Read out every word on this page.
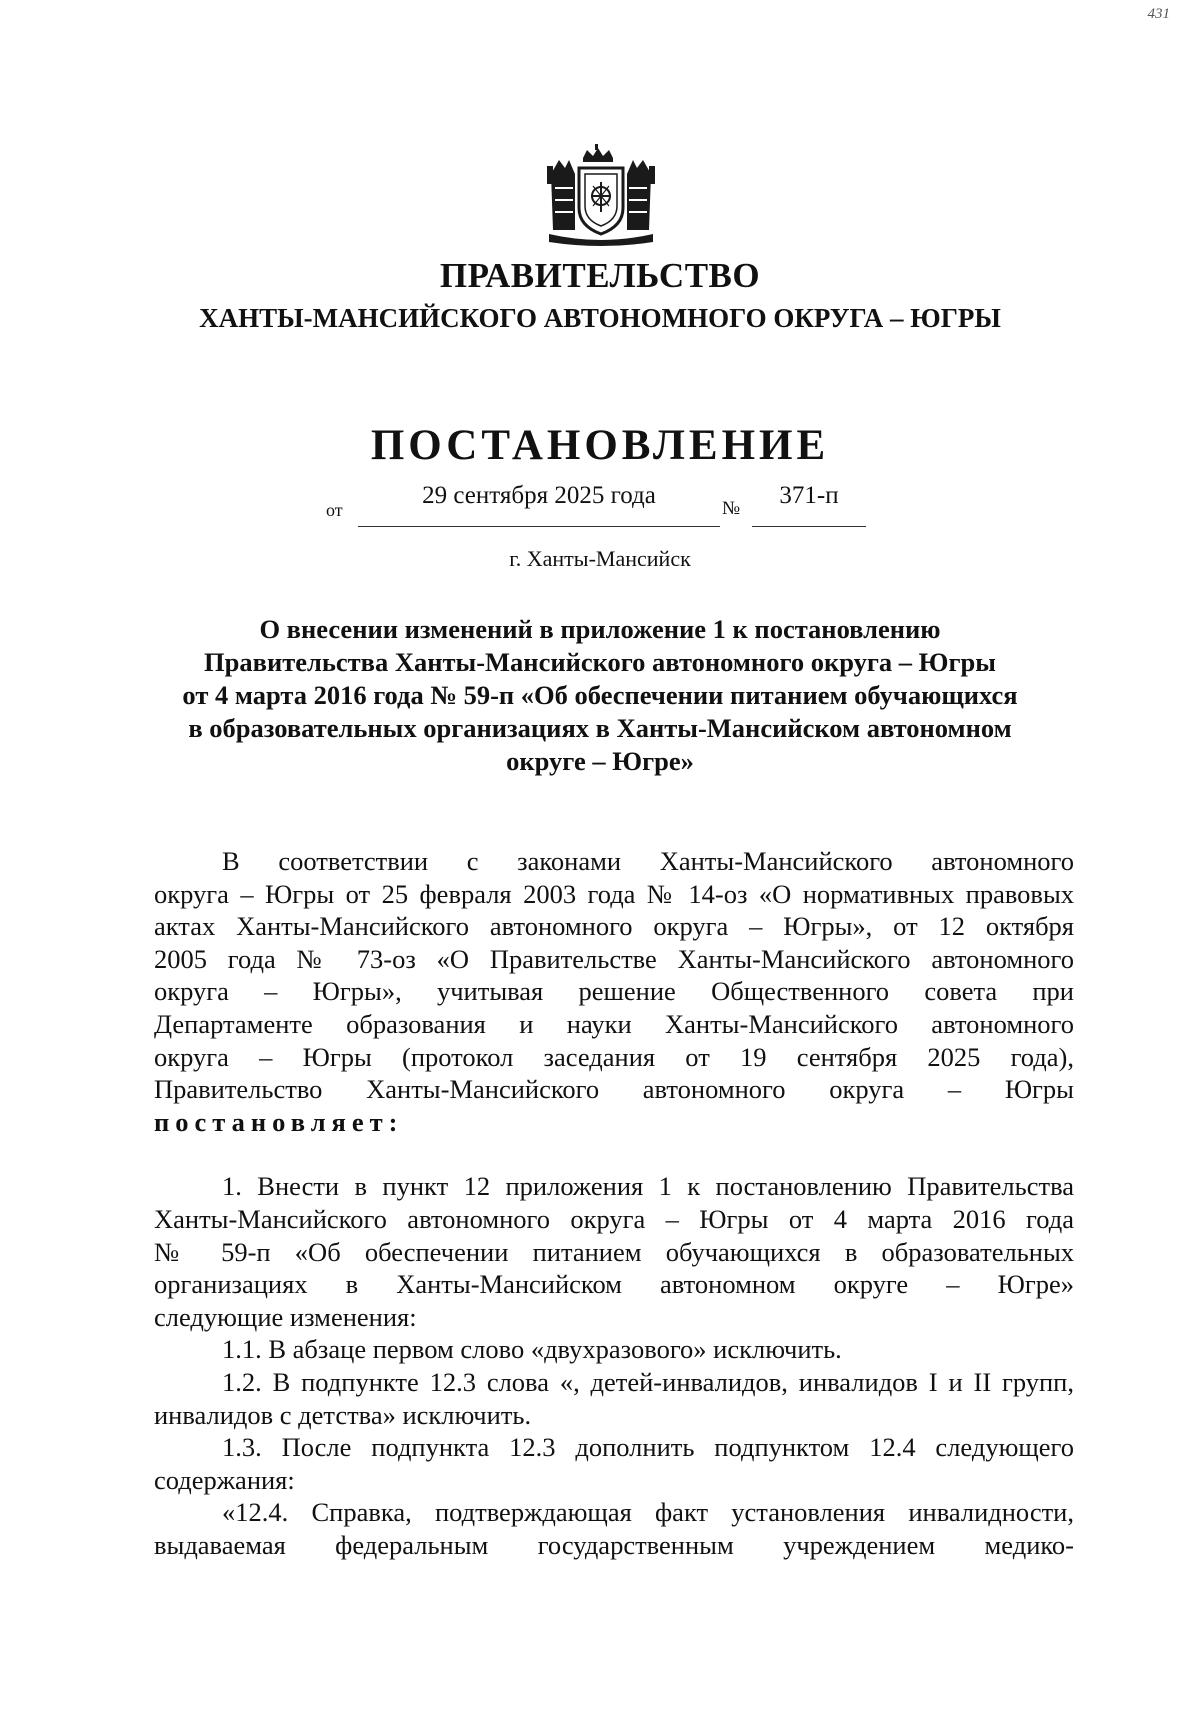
431
ПРАВИТЕЛЬСТВО
ХАНТЫ-МАНСИЙСКОГО АВТОНОМНОГО ОКРУГА – ЮГРЫ
ПОСТАНОВЛЕНИЕ
от
29 сентября 2025 года	№	371-п
г. Ханты-Мансийск
О внесении изменений в приложение 1 к постановлению
Правительства Ханты-Мансийского автономного округа – Югры
от 4 марта 2016 года № 59-п «Об обеспечении питанием обучающихся
в образовательных организациях в Ханты-Мансийском автономном
округе – Югре»
В соответствии с законами Ханты-Мансийского автономного
округа – Югры от 25 февраля 2003 года № 14-оз «О нормативных правовых
актах Ханты-Мансийского автономного округа – Югры», от 12 октября
2005 года № 73-оз «О Правительстве Ханты-Мансийского автономного
округа – Югры», учитывая решение Общественного совета при
Департаменте образования и науки Ханты-Мансийского автономного
округа – Югры (протокол заседания от 19 сентября 2025 года),
Правительство Ханты-Мансийского автономного округа – Югры
постановляет:
1. Внести в пункт 12 приложения 1 к постановлению Правительства
Ханты-Мансийского автономного округа – Югры от 4 марта 2016 года
№ 59-п «Об обеспечении питанием обучающихся в образовательных
организациях в Ханты-Мансийском автономном округе – Югре»
следующие изменения:
1.1. В абзаце первом слово «двухразового» исключить.
1.2. В подпункте 12.3 слова «, детей-инвалидов, инвалидов I и II групп,
инвалидов с детства» исключить.
1.3. После подпункта 12.3 дополнить подпунктом 12.4 следующего
содержания:
«12.4. Справка, подтверждающая факт установления инвалидности,
выдаваемая федеральным государственным учреждением медико-
